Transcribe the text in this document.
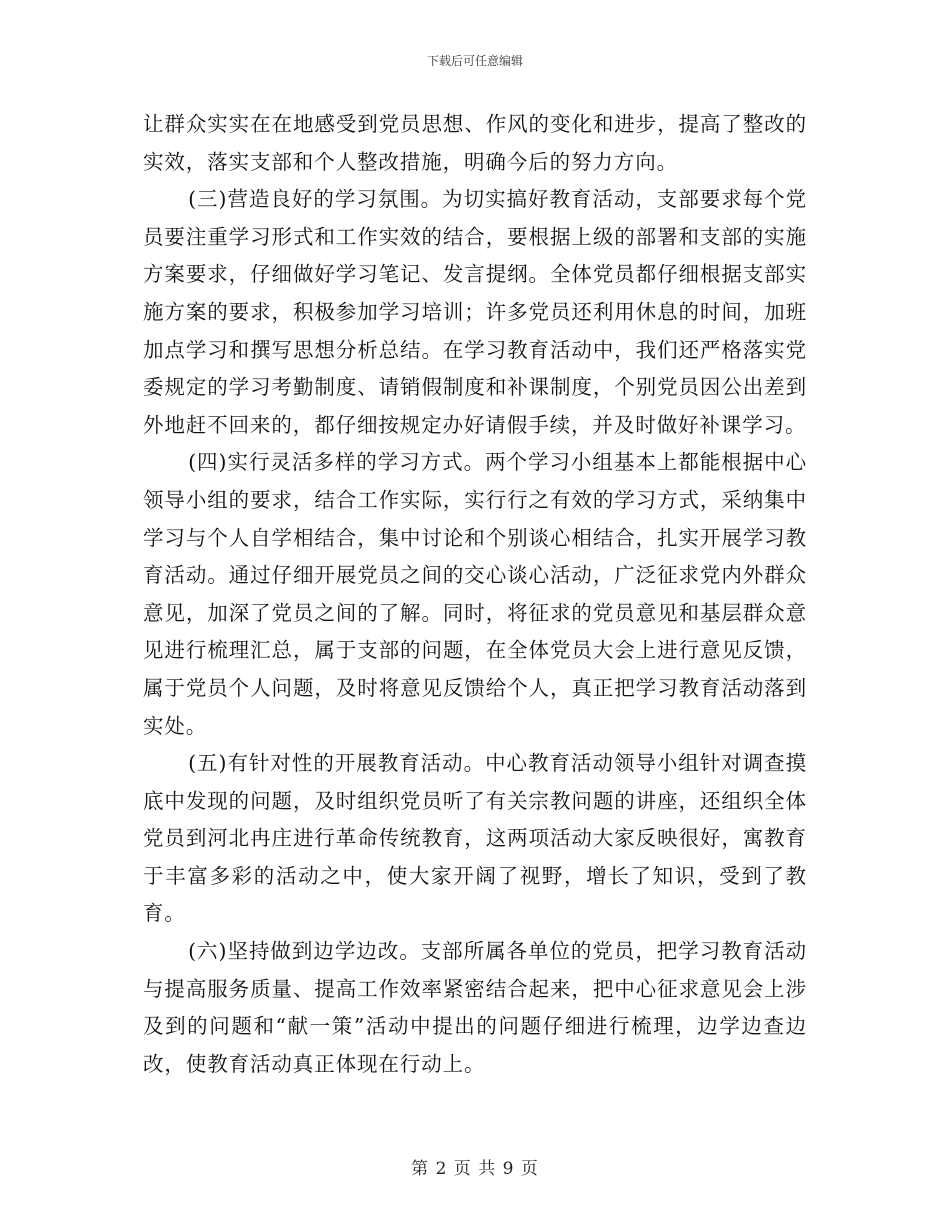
下载后可任意编辑

让群众实实在在地感受到党员思想、作风的变化和进步，提高了整改的实效，落实支部和个人整改措施，明确今后的努力方向。

(三)营造良好的学习氛围。为切实搞好教育活动，支部要求每个党员要注重学习形式和工作实效的结合，要根据上级的部署和支部的实施方案要求，仔细做好学习笔记、发言提纲。全体党员都仔细根据支部实施方案的要求，积极参加学习培训；许多党员还利用休息的时间，加班加点学习和撰写思想分析总结。在学习教育活动中，我们还严格落实党委规定的学习考勤制度、请销假制度和补课制度，个别党员因公出差到外地赶不回来的，都仔细按规定办好请假手续，并及时做好补课学习。

(四)实行灵活多样的学习方式。两个学习小组基本上都能根据中心领导小组的要求，结合工作实际，实行行之有效的学习方式，采纳集中学习与个人自学相结合，集中讨论和个别谈心相结合，扎实开展学习教育活动。通过仔细开展党员之间的交心谈心活动，广泛征求党内外群众意见，加深了党员之间的了解。同时，将征求的党员意见和基层群众意见进行梳理汇总，属于支部的问题，在全体党员大会上进行意见反馈，属于党员个人问题，及时将意见反馈给个人，真正把学习教育活动落到实处。

(五)有针对性的开展教育活动。中心教育活动领导小组针对调查摸底中发现的问题，及时组织党员听了有关宗教问题的讲座，还组织全体党员到河北冉庄进行革命传统教育，这两项活动大家反映很好，寓教育于丰富多彩的活动之中，使大家开阔了视野，增长了知识，受到了教育。

(六)坚持做到边学边改。支部所属各单位的党员，把学习教育活动与提高服务质量、提高工作效率紧密结合起来，把中心征求意见会上涉及到的问题和“献一策”活动中提出的问题仔细进行梳理，边学边查边改，使教育活动真正体现在行动上。

第 2 页 共 9 页
